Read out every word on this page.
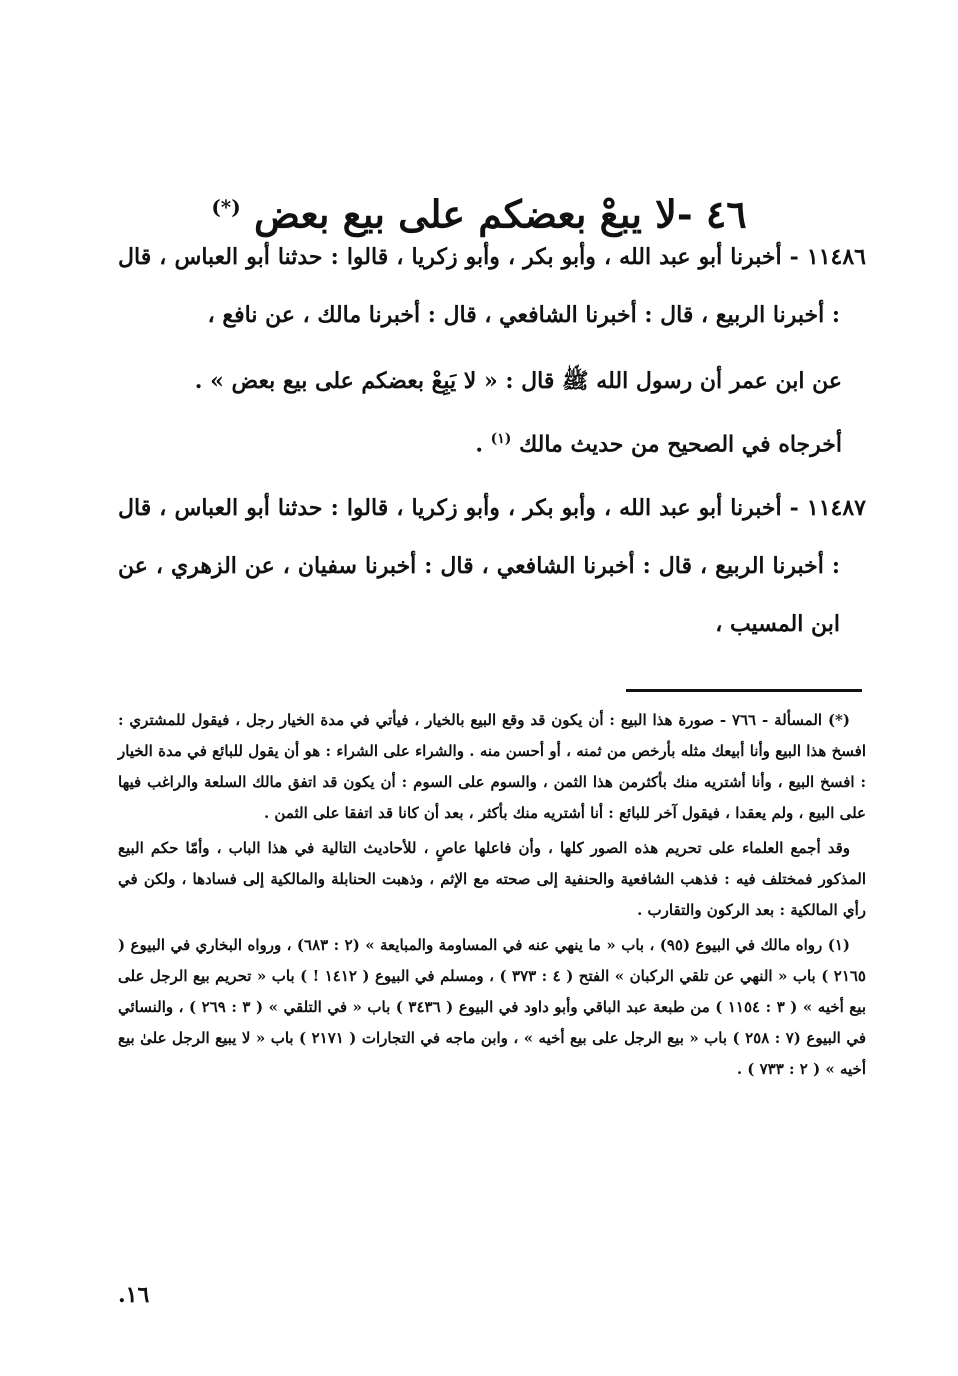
٤٦ -لا يبعْ بعضكم على بيع بعض (*)

١١٤٨٦ - أخبرنا أبو عبد الله ، وأبو بكر ، وأبو زكريا ، قالوا : حدثنا أبو العباس ، قال : أخبرنا الربيع ، قال : أخبرنا الشافعي ، قال : أخبرنا مالك ، عن نافع ،

عن ابن عمر أن رسول الله ﷺ قال : « لا يَبِعْ بعضكم على بيع بعض » .

أخرجاه في الصحيح من حديث مالك $^{(١)}$ .

١١٤٨٧ - أخبرنا أبو عبد الله ، وأبو بكر ، وأبو زكريا ، قالوا : حدثنا أبو العباس ، قال : أخبرنا الربيع ، قال : أخبرنا الشافعي ، قال : أخبرنا سفيان ، عن الزهري ، عن ابن المسيب ،

(*) المسألة - ٧٦٦ - صورة هذا البيع : أن يكون قد وقع البيع بالخيار ، فيأتي في مدة الخيار رجل ، فيقول للمشتري : افسخ هذا البيع وأنا أبيعك مثله بأرخص من ثمنه ، أو أحسن منه . والشراء على الشراء : هو أن يقول للبائع في مدة الخيار : افسخ البيع ، وأنا أشتريه منك بأكثرمن هذا الثمن ، والسوم على السوم : أن يكون قد اتفق مالك السلعة والراغب فيها على البيع ، ولم يعقدا ، فيقول آخر للبائع : أنا أشتريه منك بأكثر ، بعد أن كانا قد اتفقا على الثمن .

وقد أجمع العلماء على تحريم هذه الصور كلها ، وأن فاعلها عاصٍ ، للأحاديث التالية في هذا الباب ، وأمّا حكم البيع المذكور فمختلف فيه : فذهب الشافعية والحنفية إلى صحته مع الإثم ، وذهبت الحنابلة والمالكية إلى فسادها ، ولكن في رأي المالكية : بعد الركون والتقارب .

(١) رواه مالك في البيوع (٩٥) ، باب « ما ينهي عنه في المساومة والمبايعة » (٢ : ٦٨٣) ، ورواه البخاري في البيوع ( ٢١٦٥ ) باب « النهي عن تلقي الركبان » الفتح ( ٤ : ٣٧٣ ) ، ومسلم في البيوع ( ١٤١٢ ! ) باب « تحريم بيع الرجل على بيع أخيه » ( ٣ : ١١٥٤ ) من طبعة عبد الباقي وأبو داود في البيوع ( ٣٤٣٦ ) باب « في التلقي » ( ٣ : ٢٦٩ ) ، والنسائي في البيوع (٧ : ٢٥٨ ) باب « بيع الرجل على بيع أخيه » ، وابن ماجه في التجارات ( ٢١٧١ ) باب « لا يبيع الرجل علىٰ بيع أخيه » ( ٢ : ٧٣٣ ) .

١٦.
